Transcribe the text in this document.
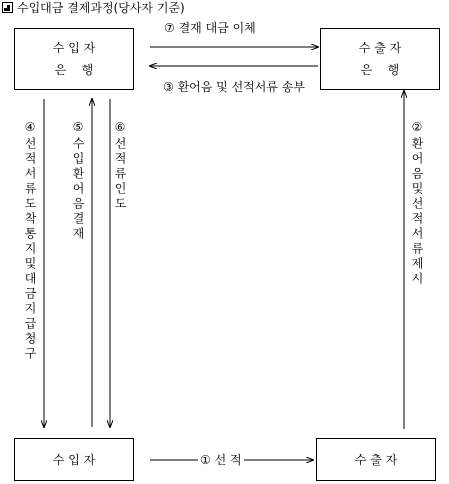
수입대금 결제과정(당사자 기준)
수 입 자
은    행
수 출 자
은    행
수 입 자	수 출 자
⑦ 결재 대금 이체
③ 환어음 및 선적서류 송부
① 선 적
④선적서류도착통지및대금지급청구	⑤수입환어음결재 ⑥선적류인도	②환어음및선적서류제시
